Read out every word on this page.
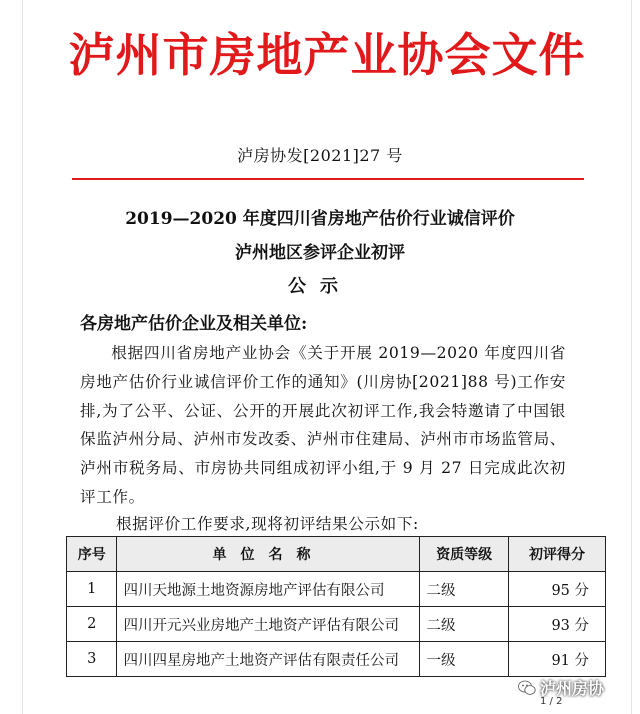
泸州市房地产业协会文件
泸房协发[2021]27 号
2019—2020 年度四川省房地产估价行业诚信评价
泸州地区参评企业初评
公示
各房地产估价企业及相关单位:

根据四川省房地产业协会《关于开展 2019—2020 年度四川省房地产估价行业诚信评价工作的通知》(川房协[2021]88 号)工作安排,为了公平、公证、公开的开展此次初评工作,我会特邀请了中国银保监泸州分局、泸州市发改委、泸州市住建局、泸州市市场监管局、泸州市税务局、市房协共同组成初评小组,于 9 月 27 日完成此次初评工作。

根据评价工作要求,现将初评结果公示如下:
序号	单位名称	资质等级	初评得分
1	四川天地源土地资源房地产评估有限公司	二级	95 分
2	四川开元兴业房地产土地资产评估有限公司	二级	93 分
3	四川四星房地产土地资产评估有限责任公司	一级	91 分
泸州房协
1 / 2
